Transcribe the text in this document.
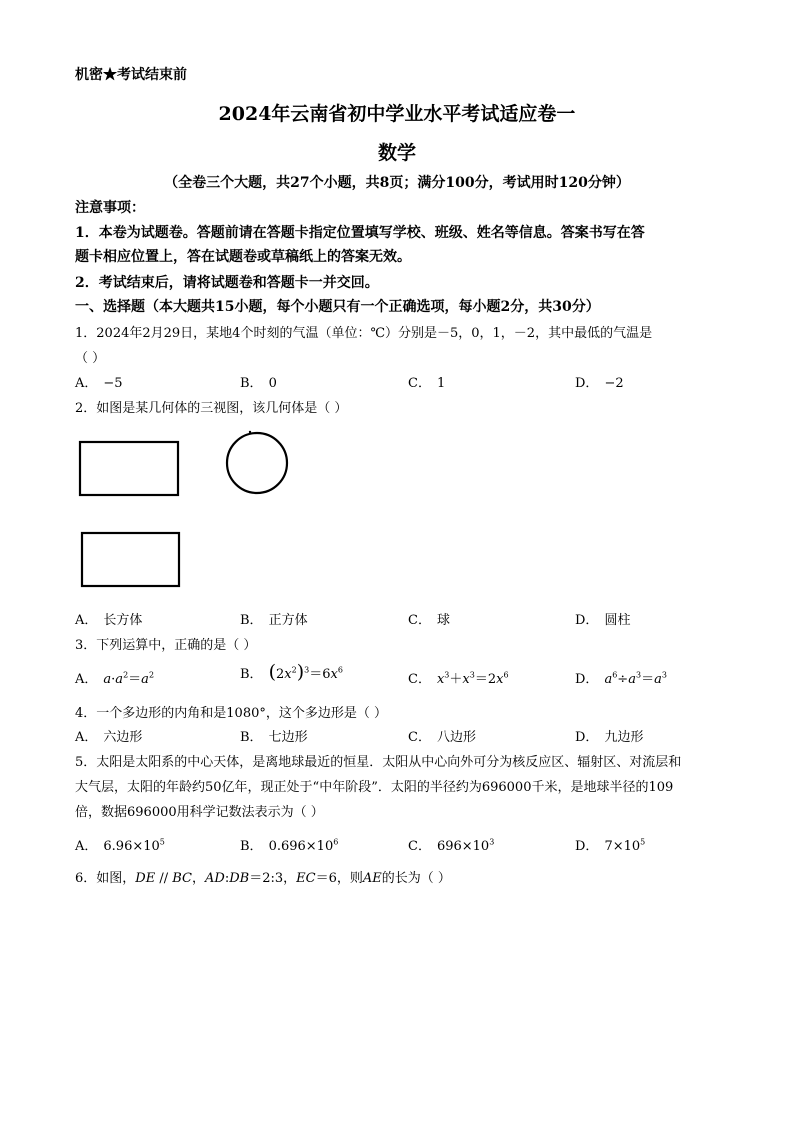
机密★考试结束前
2024年云南省初中学业水平考试适应卷一
数学
（全卷三个大题，共27个小题，共8页；满分100分，考试用时120分钟）
注意事项：
1．本卷为试题卷。答题前请在答题卡指定位置填写学校、班级、姓名等信息。答案书写在答
题卡相应位置上，答在试题卷或草稿纸上的答案无效。
2．考试结束后，请将试题卷和答题卡一并交回。
一、选择题（本大题共15小题，每个小题只有一个正确选项，每小题2分，共30分）
1．2024年2月29日，某地4个时刻的气温（单位：℃）分别是－5，0，1，－2，其中最低的气温是
（ ）
A． −5	B． 0	C． 1	D． −2
2．如图是某几何体的三视图，该几何体是（ ）
A． 长方体	B． 正方体	C． 球	D． 圆柱
3．下列运算中，正确的是（ ）
A． $a\cdot a^2=a^2$	B． $(2x^2)^3=6x^6$
C． $x^3+x^3=2x^6$	D． $a^6\div a^3=a^3$
4．一个多边形的内角和是1080°，这个多边形是（ ）
A． 六边形	B． 七边形	C． 八边形	D． 九边形
5．太阳是太阳系的中心天体，是离地球最近的恒星．太阳从中心向外可分为核反应区、辐射区、对流层和
大气层，太阳的年龄约50亿年，现正处于“中年阶段”．太阳的半径约为696000千米，是地球半径的109
倍，数据696000用科学记数法表示为（ ）
A． $6.96\times 10^5$	B． $0.696\times 10^6$	C． $696\times 10^3$	D． $7\times 10^5$
6．如图，DE // BC，AD:DB＝2:3，EC＝6，则AE的长为（ ）
